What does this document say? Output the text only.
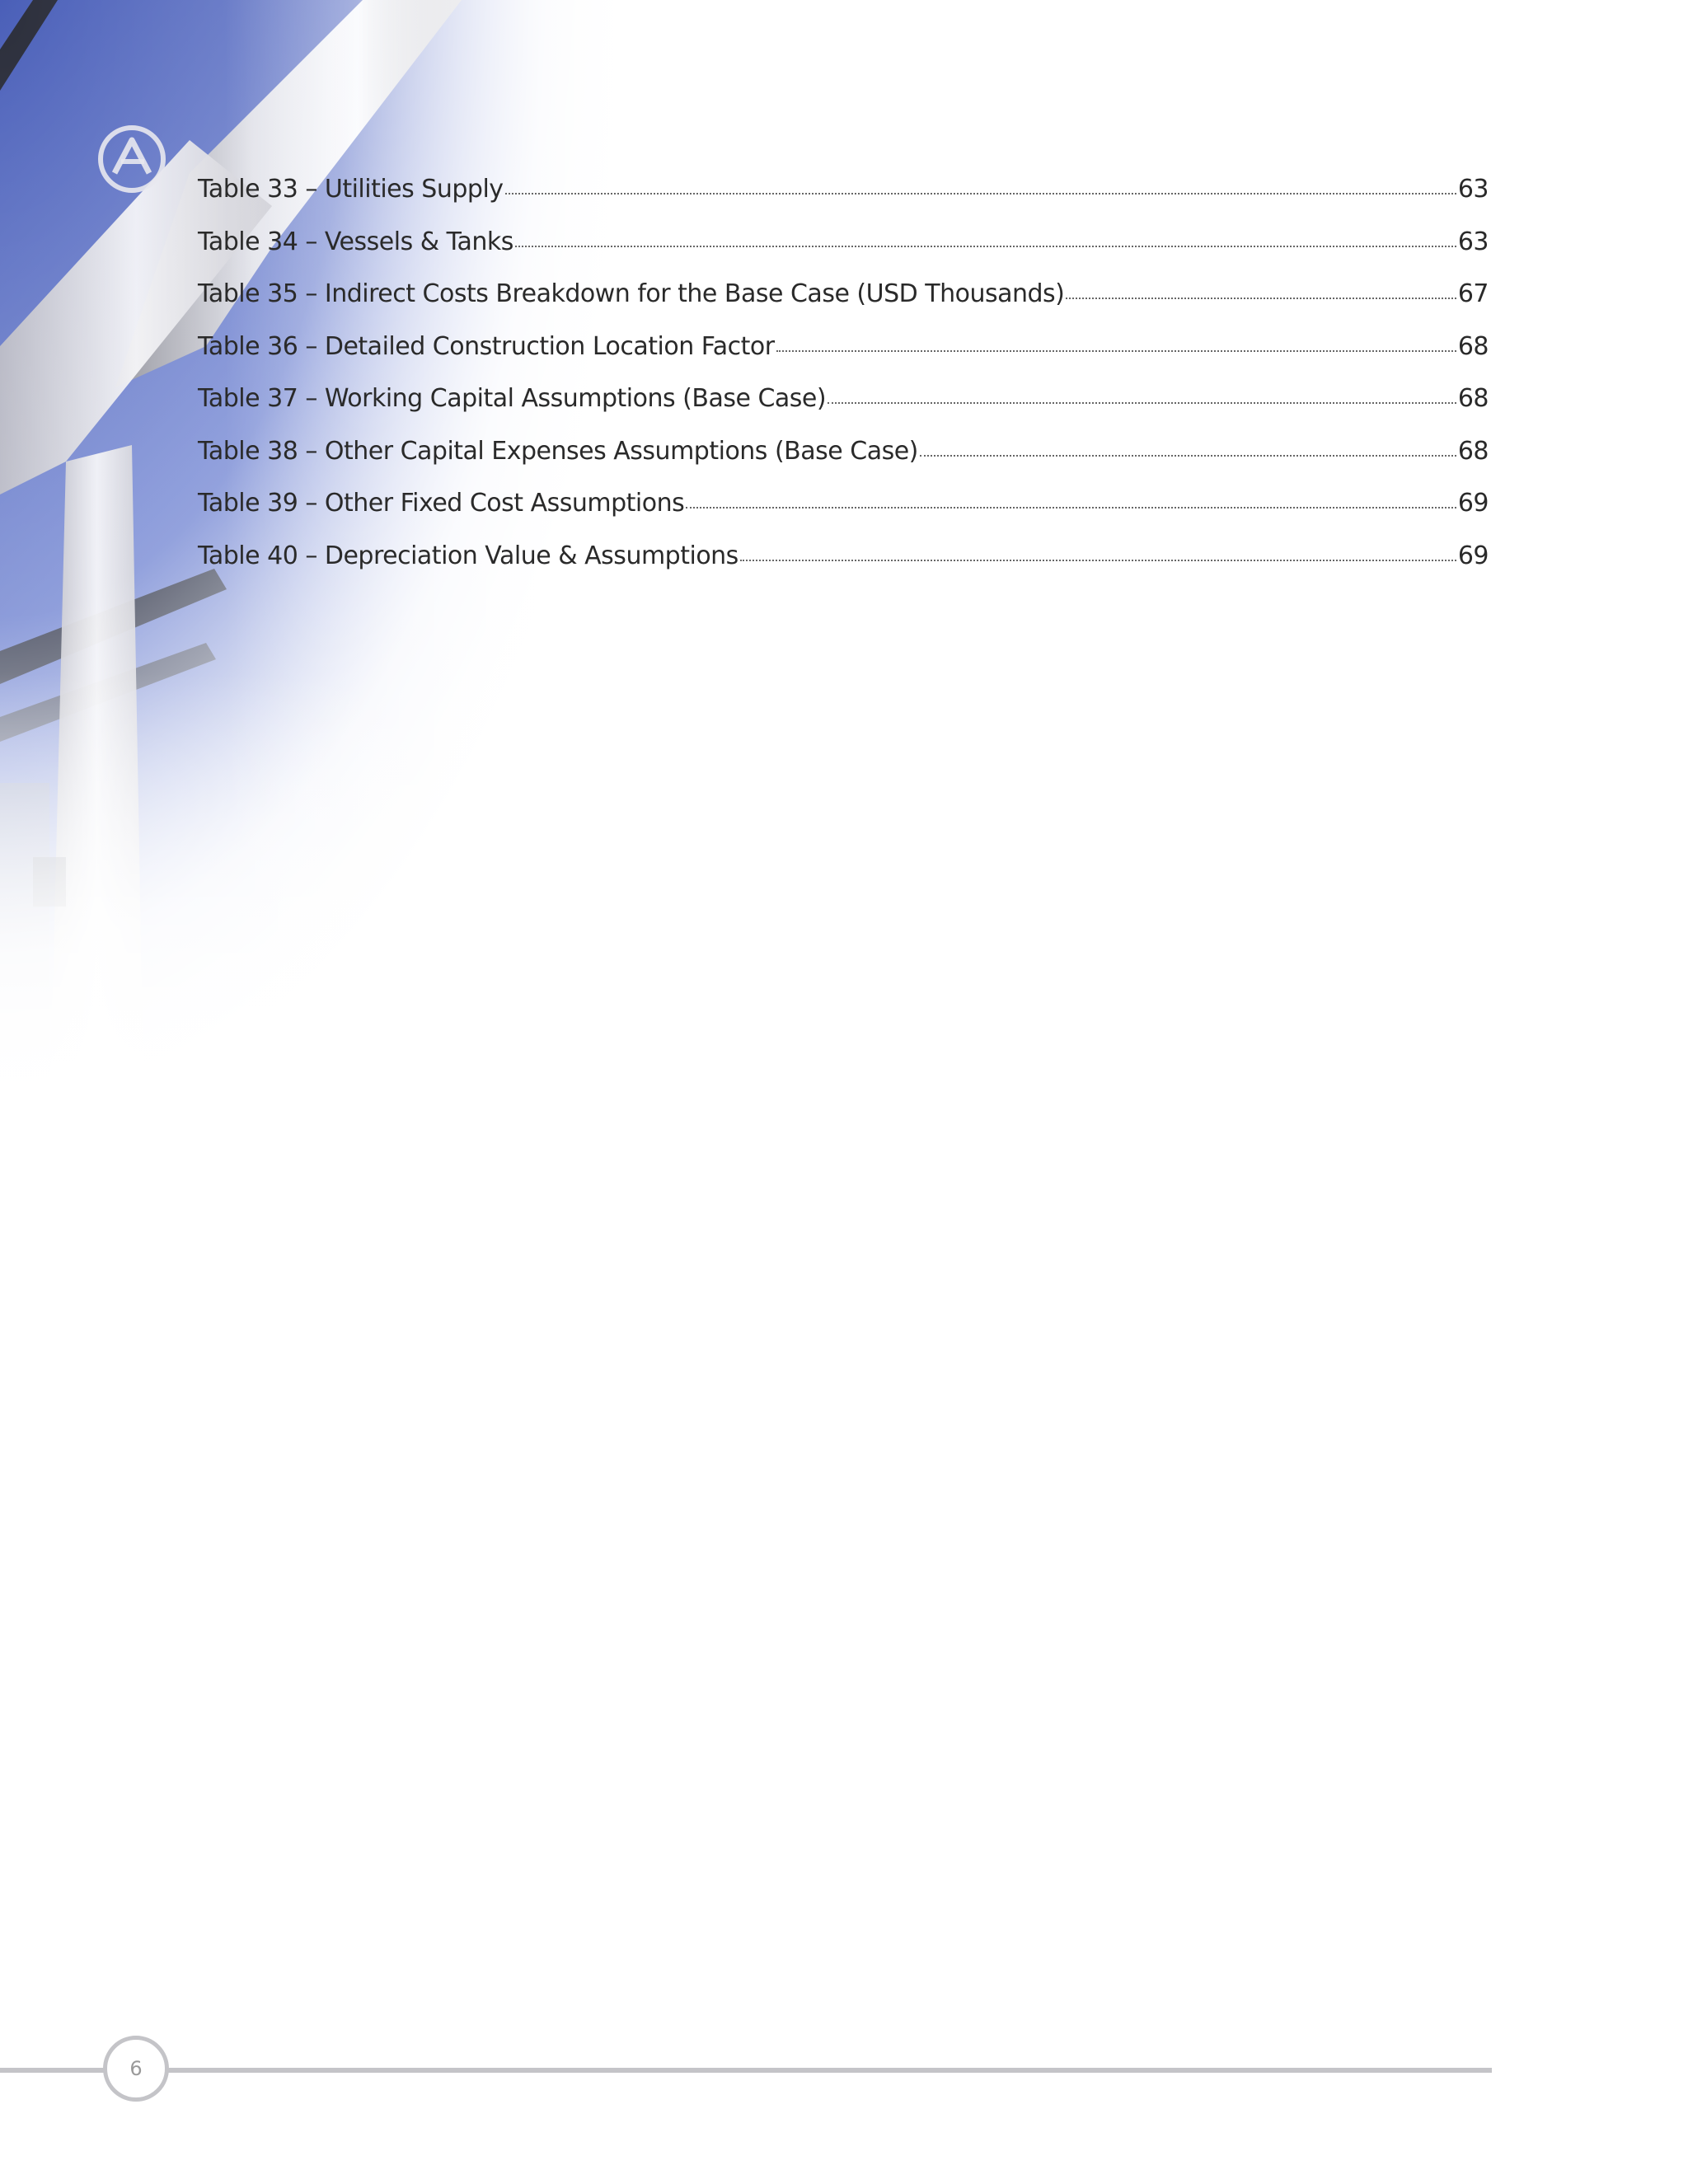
Table 33 – Utilities Supply	63
Table 34 – Vessels & Tanks	63
Table 35 – Indirect Costs Breakdown for the Base Case (USD Thousands)	67
Table 36 – Detailed Construction Location Factor	68
Table 37 – Working Capital Assumptions (Base Case)	68
Table 38 – Other Capital Expenses Assumptions (Base Case)	68
Table 39 – Other Fixed Cost Assumptions	69
Table 40 – Depreciation Value & Assumptions	69
6
